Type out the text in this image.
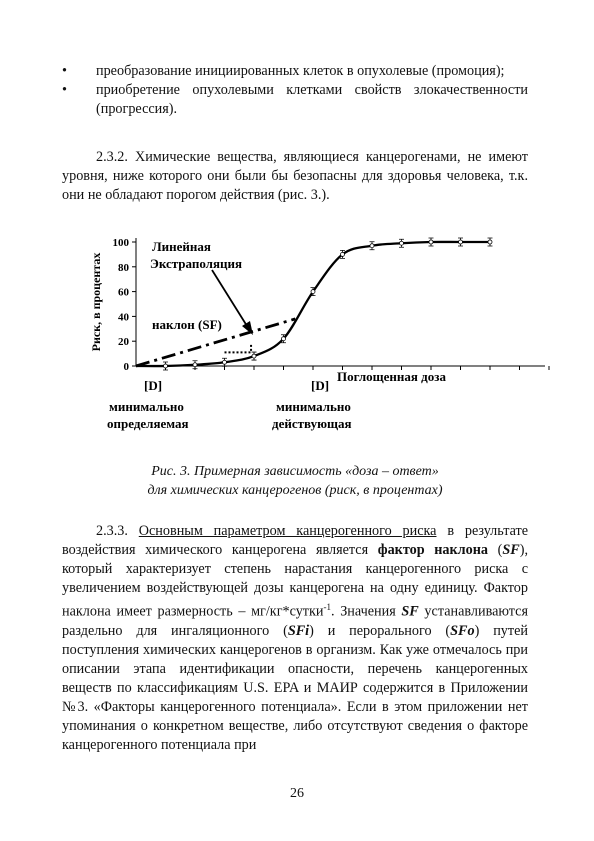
•	преобразование инициированных клеток в опухолевые (промоция);

•	приобретение опухолевыми клетками свойств злокачественности (прогрессия).

2.3.2. Химические вещества, являющиеся канцерогенами, не имеют уровня, ниже которого они были бы безопасны для здоровья человека, т.к. они не обладают порогом действия (рис. 3.).

Риск, в процентах
0
20
40
60
80
100 Линейная
Экстраполяция
наклон (SF)
Поглощенная доза
[D]
минимально
определяемая
[D]
минимально
действующая
Рис. 3. Примерная зависимость «доза – ответ»
для химических канцерогенов (риск, в процентах)

2.3.3. Основным параметром канцерогенного риска в результате воздействия химического канцерогена является фактор наклона (SF), который характеризует степень нарастания канцерогенного риска с увеличением воздействующей дозы канцерогена на одну единицу. Фактор наклона имеет размерность – мг/кг*сутки$^{-1}$. Значения SF устанавливаются раздельно для ингаляционного (SFi) и перорального (SFo) путей поступления химических канцерогенов в организм. Как уже отмечалось при описании этапа идентификации опасности, перечень канцерогенных веществ по классификациям U.S. EPA и МАИР содержится в Приложении №3. «Факторы канцерогенного потенциала». Если в этом приложении нет упоминания о конкретном веществе, либо отсутствуют сведения о факторе канцерогенного потенциала при

26
